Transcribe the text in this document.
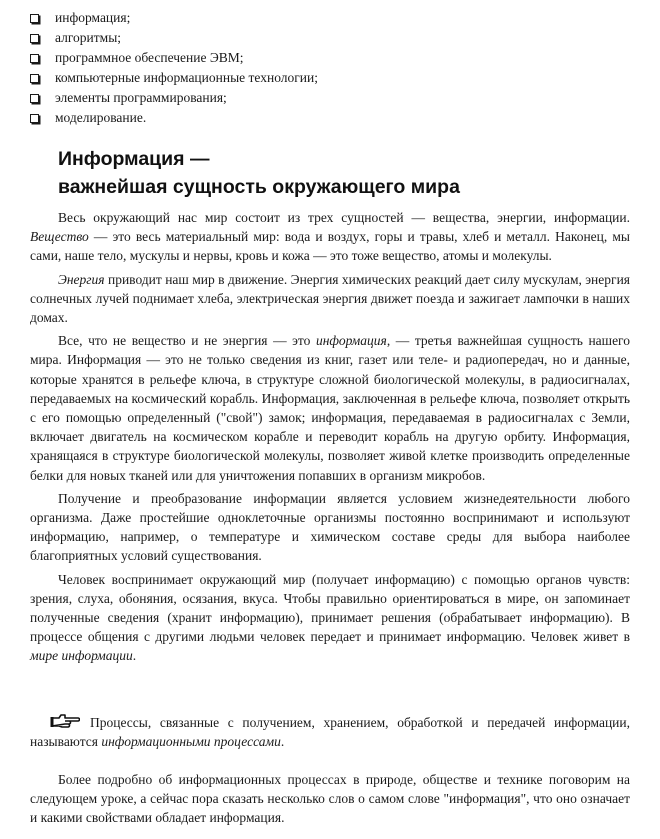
информация;
алгоритмы;
программное обеспечение ЭВМ;
компьютерные информационные технологии;
элементы программирования;
моделирование.
Информация —
важнейшая сущность окружающего мира

Весь окружающий нас мир состоит из трех сущностей — вещества, энергии, информации. Вещество — это весь материальный мир: вода и воздух, горы и травы, хлеб и металл. Наконец, мы сами, наше тело, мускулы и нервы, кровь и кожа — это тоже вещество, атомы и молекулы.

Энергия приводит наш мир в движение. Энергия химических реакций дает силу мускулам, энергия солнечных лучей поднимает хлеба, электрическая энергия движет поезда и зажигает лампочки в наших домах.

Все, что не вещество и не энергия — это информация, — третья важнейшая сущность нашего мира. Информация — это не только сведения из книг, газет или теле- и радиопередач, но и данные, которые хранятся в рельефе ключа, в структуре сложной биологической молекулы, в радиосигналах, передаваемых на космический корабль. Информация, заключенная в рельефе ключа, позволяет открыть с его помощью определенный ("свой") замок; информация, передаваемая в радиосигналах с Земли, включает двигатель на космическом корабле и переводит корабль на другую орбиту. Информация, хранящаяся в структуре биологической молекулы, позволяет живой клетке производить определенные белки для новых тканей или для уничтожения попавших в организм микробов.

Получение и преобразование информации является условием жизнедеятельности любого организма. Даже простейшие одноклеточные организмы постоянно воспринимают и используют информацию, например, о температуре и химическом составе среды для выбора наиболее благоприятных условий существования.

Человек воспринимает окружающий мир (получает информацию) с помощью органов чувств: зрения, слуха, обоняния, осязания, вкуса. Чтобы правильно ориентироваться в мире, он запоминает полученные сведения (хранит информацию), принимает решения (обрабатывает информацию). В процессе общения с другими людьми человек передает и принимает информацию. Человек живет в мире информации.

Процессы, связанные с получением, хранением, обработкой и передачей информации, называются информационными процессами.

Более подробно об информационных процессах в природе, обществе и технике поговорим на следующем уроке, а сейчас пора сказать несколько слов о самом слове "информация", что оно означает и какими свойствами обладает информация.
